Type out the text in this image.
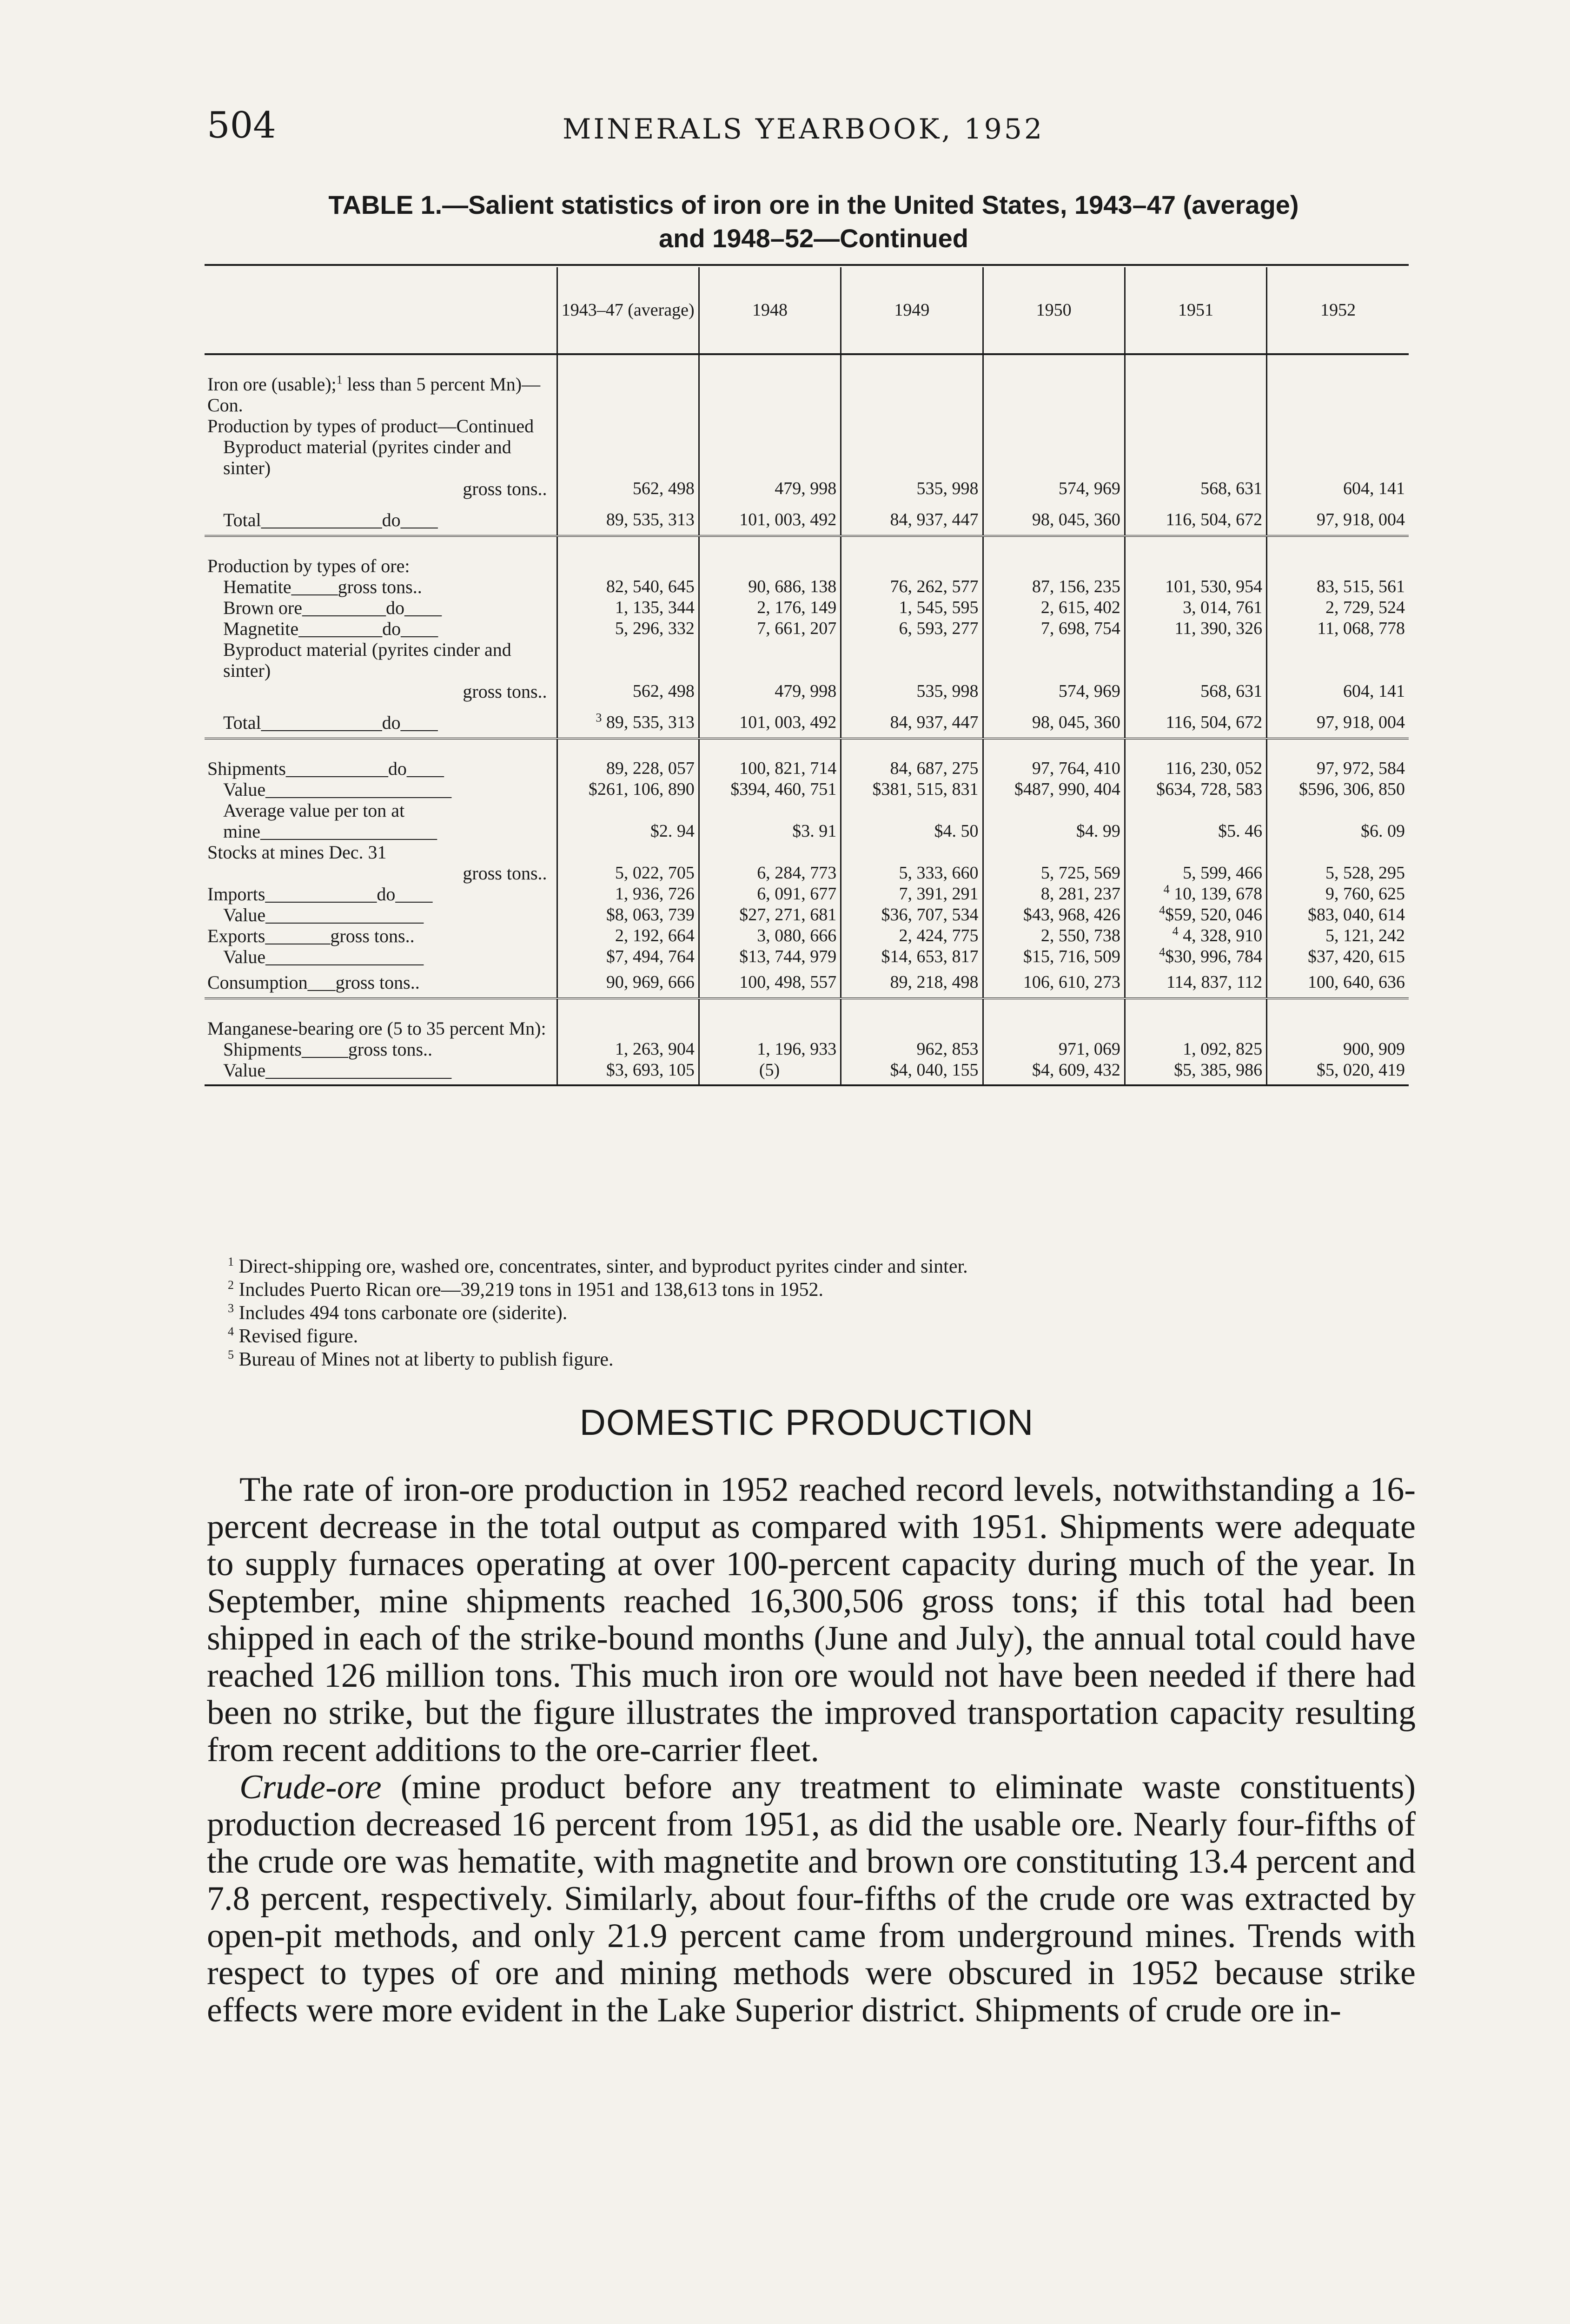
504	MINERALS YEARBOOK, 1952
TABLE 1.—Salient statistics of iron ore in the United States, 1943–47 (average)
and 1948–52—Continued
	1943–47 (average)	1948	1949	1950	1951	1952

Iron ore (usable);$^1$ less than 5 percent Mn)—Con.						
Production by types of product—Continued						
Byproduct material (pyrites cinder and sinter)						
gross tons..	562, 498	479, 998	535, 998	574, 969	568, 631	604, 141
Total_____________do____	89, 535, 313	101, 003, 492	84, 937, 447	98, 045, 360	116, 504, 672	97, 918, 004

Production by types of ore:						
Hematite_____gross tons..	82, 540, 645	90, 686, 138	76, 262, 577	87, 156, 235	101, 530, 954	83, 515, 561
Brown ore_________do____	1, 135, 344	2, 176, 149	1, 545, 595	2, 615, 402	3, 014, 761	2, 729, 524
Magnetite_________do____	5, 296, 332	7, 661, 207	6, 593, 277	7, 698, 754	11, 390, 326	11, 068, 778
Byproduct material (pyrites cinder and sinter)						
gross tons..	562, 498	479, 998	535, 998	574, 969	568, 631	604, 141
Total_____________do____	$^3$ 89, 535, 313	101, 003, 492	84, 937, 447	98, 045, 360	116, 504, 672	97, 918, 004

Shipments___________do____	89, 228, 057	100, 821, 714	84, 687, 275	97, 764, 410	116, 230, 052	97, 972, 584
Value____________________	$261, 106, 890	$394, 460, 751	$381, 515, 831	$487, 990, 404	$634, 728, 583	$596, 306, 850
Average value per ton at mine___________________	$2. 94	$3. 91	$4. 50	$4. 99	$5. 46	$6. 09
Stocks at mines Dec. 31						
gross tons..	5, 022, 705	6, 284, 773	5, 333, 660	5, 725, 569	5, 599, 466	5, 528, 295
Imports____________do____	1, 936, 726	6, 091, 677	7, 391, 291	8, 281, 237	$^4$ 10, 139, 678	9, 760, 625
Value_________________	$8, 063, 739	$27, 271, 681	$36, 707, 534	$43, 968, 426	$^4$\$59, 520, 046	$83, 040, 614
Exports_______gross tons..	2, 192, 664	3, 080, 666	2, 424, 775	2, 550, 738	$^4$ 4, 328, 910	5, 121, 242
Value_________________	$7, 494, 764	$13, 744, 979	$14, 653, 817	$15, 716, 509	$^4$\$30, 996, 784	$37, 420, 615
Consumption___gross tons..	90, 969, 666	100, 498, 557	89, 218, 498	106, 610, 273	114, 837, 112	100, 640, 636

Manganese-bearing ore (5 to 35 percent Mn):						
Shipments_____gross tons..	1, 263, 904	1, 196, 933	962, 853	971, 069	1, 092, 825	900, 909
Value____________________	$3, 693, 105	(5)	$4, 040, 155	$4, 609, 432	$5, 385, 986	$5, 020, 419
$^1$ Direct-shipping ore, washed ore, concentrates, sinter, and byproduct pyrites cinder and sinter.
$^2$ Includes Puerto Rican ore—39,219 tons in 1951 and 138,613 tons in 1952.
$^3$ Includes 494 tons carbonate ore (siderite).
$^4$ Revised figure.
$^5$ Bureau of Mines not at liberty to publish figure.
DOMESTIC PRODUCTION

The rate of iron-ore production in 1952 reached record levels, notwithstanding a 16-percent decrease in the total output as compared with 1951. Shipments were adequate to supply furnaces operating at over 100-percent capacity during much of the year. In September, mine shipments reached 16,300,506 gross tons; if this total had been shipped in each of the strike-bound months (June and July), the annual total could have reached 126 million tons. This much iron ore would not have been needed if there had been no strike, but the figure illustrates the improved transportation capacity resulting from recent additions to the ore-carrier fleet.

Crude-ore (mine product before any treatment to eliminate waste constituents) production decreased 16 percent from 1951, as did the usable ore. Nearly four-fifths of the crude ore was hematite, with magnetite and brown ore constituting 13.4 percent and 7.8 percent, respectively. Similarly, about four-fifths of the crude ore was extracted by open-pit methods, and only 21.9 percent came from underground mines. Trends with respect to types of ore and mining methods were obscured in 1952 because strike effects were more evident in the Lake Superior district. Shipments of crude ore in-
